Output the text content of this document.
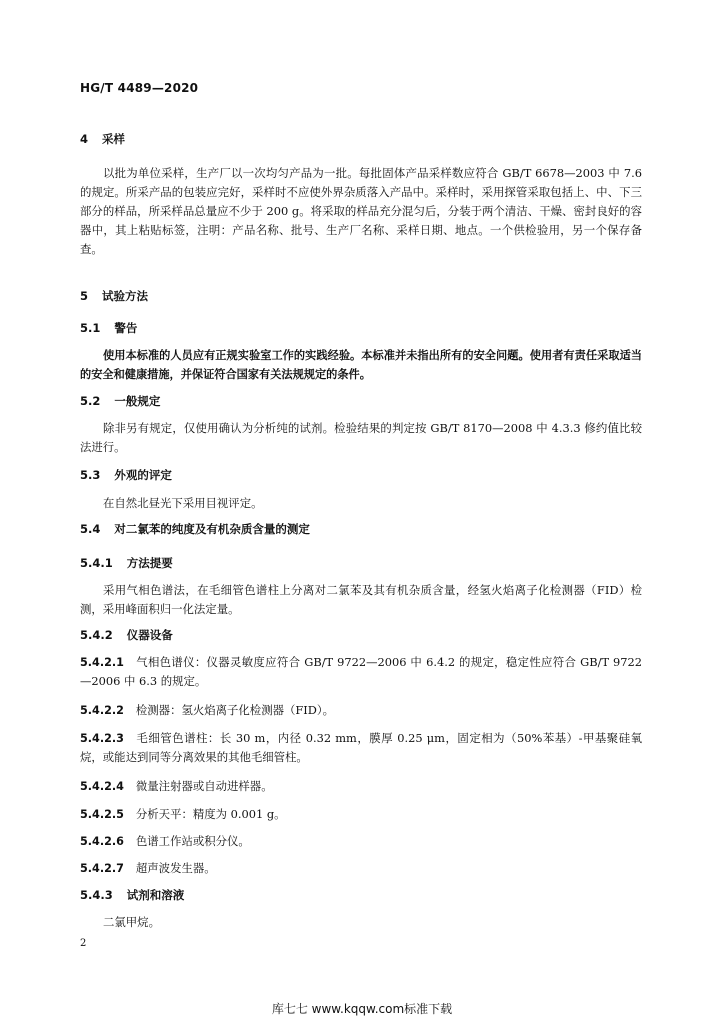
HG/T 4489—2020
4 采样
以批为单位采样，生产厂以一次均匀产品为一批。每批固体产品采样数应符合 GB/T 6678—2003 中 7.6 的规定。所采产品的包装应完好，采样时不应使外界杂质落入产品中。采样时，采用探管采取包括上、中、下三部分的样品，所采样品总量应不少于 200 g。将采取的样品充分混匀后，分装于两个清洁、干燥、密封良好的容器中，其上粘贴标签，注明：产品名称、批号、生产厂名称、采样日期、地点。一个供检验用，另一个保存备查。
5 试验方法
5.1 警告
使用本标准的人员应有正规实验室工作的实践经验。本标准并未指出所有的安全问题。使用者有责任采取适当的安全和健康措施，并保证符合国家有关法规规定的条件。
5.2 一般规定
除非另有规定，仅使用确认为分析纯的试剂。检验结果的判定按 GB/T 8170—2008 中 4.3.3 修约值比较法进行。
5.3 外观的评定
在自然北昼光下采用目视评定。
5.4 对二氯苯的纯度及有机杂质含量的测定
5.4.1 方法提要
采用气相色谱法，在毛细管色谱柱上分离对二氯苯及其有机杂质含量，经氢火焰离子化检测器（FID）检测，采用峰面积归一化法定量。
5.4.2 仪器设备
5.4.2.1 气相色谱仪：仪器灵敏度应符合 GB/T 9722—2006 中 6.4.2 的规定，稳定性应符合 GB/T 9722—2006 中 6.3 的规定。
5.4.2.2 检测器：氢火焰离子化检测器（FID）。
5.4.2.3 毛细管色谱柱：长 30 m，内径 0.32 mm，膜厚 0.25 μm，固定相为（50%苯基）-甲基聚硅氧烷，或能达到同等分离效果的其他毛细管柱。
5.4.2.4 微量注射器或自动进样器。
5.4.2.5 分析天平：精度为 0.001 g。
5.4.2.6 色谱工作站或积分仪。
5.4.2.7 超声波发生器。
5.4.3 试剂和溶液
二氯甲烷。
2
库七七 www.kqqw.com标准下载
